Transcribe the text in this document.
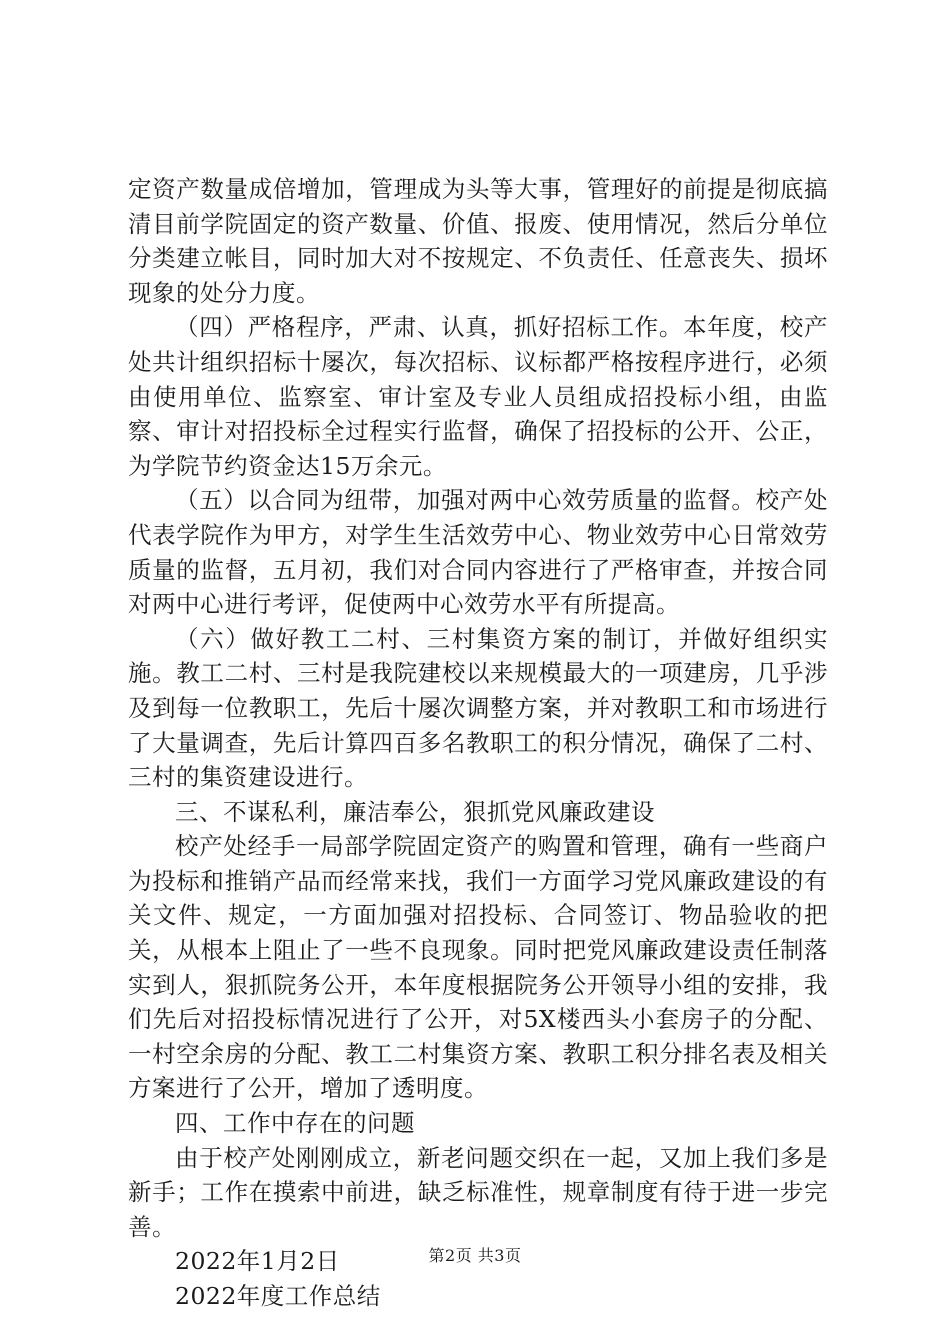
定资产数量成倍增加，管理成为头等大事，管理好的前提是彻底搞清目前学院固定的资产数量、价值、报废、使用情况，然后分单位分类建立帐目，同时加大对不按规定、不负责任、任意丧失、损坏现象的处分力度。

（四）严格程序，严肃、认真，抓好招标工作。本年度，校产处共计组织招标十屡次，每次招标、议标都严格按程序进行，必须由使用单位、监察室、审计室及专业人员组成招投标小组，由监察、审计对招投标全过程实行监督，确保了招投标的公开、公正，为学院节约资金达15万余元。

（五）以合同为纽带，加强对两中心效劳质量的监督。校产处代表学院作为甲方，对学生生活效劳中心、物业效劳中心日常效劳质量的监督，五月初，我们对合同内容进行了严格审查，并按合同对两中心进行考评，促使两中心效劳水平有所提高。

（六）做好教工二村、三村集资方案的制订，并做好组织实施。教工二村、三村是我院建校以来规模最大的一项建房，几乎涉及到每一位教职工，先后十屡次调整方案，并对教职工和市场进行了大量调查，先后计算四百多名教职工的积分情况，确保了二村、三村的集资建设进行。

三、不谋私利，廉洁奉公，狠抓党风廉政建设

校产处经手一局部学院固定资产的购置和管理，确有一些商户为投标和推销产品而经常来找，我们一方面学习党风廉政建设的有关文件、规定，一方面加强对招投标、合同签订、物品验收的把关，从根本上阻止了一些不良现象。同时把党风廉政建设责任制落实到人，狠抓院务公开，本年度根据院务公开领导小组的安排，我们先后对招投标情况进行了公开，对5X楼西头小套房子的分配、一村空余房的分配、教工二村集资方案、教职工积分排名表及相关方案进行了公开，增加了透明度。

四、工作中存在的问题

由于校产处刚刚成立，新老问题交织在一起，又加上我们多是新手；工作在摸索中前进，缺乏标准性，规章制度有待于进一步完善。

2022年1月2日

2022年度工作总结

第2页 共3页
